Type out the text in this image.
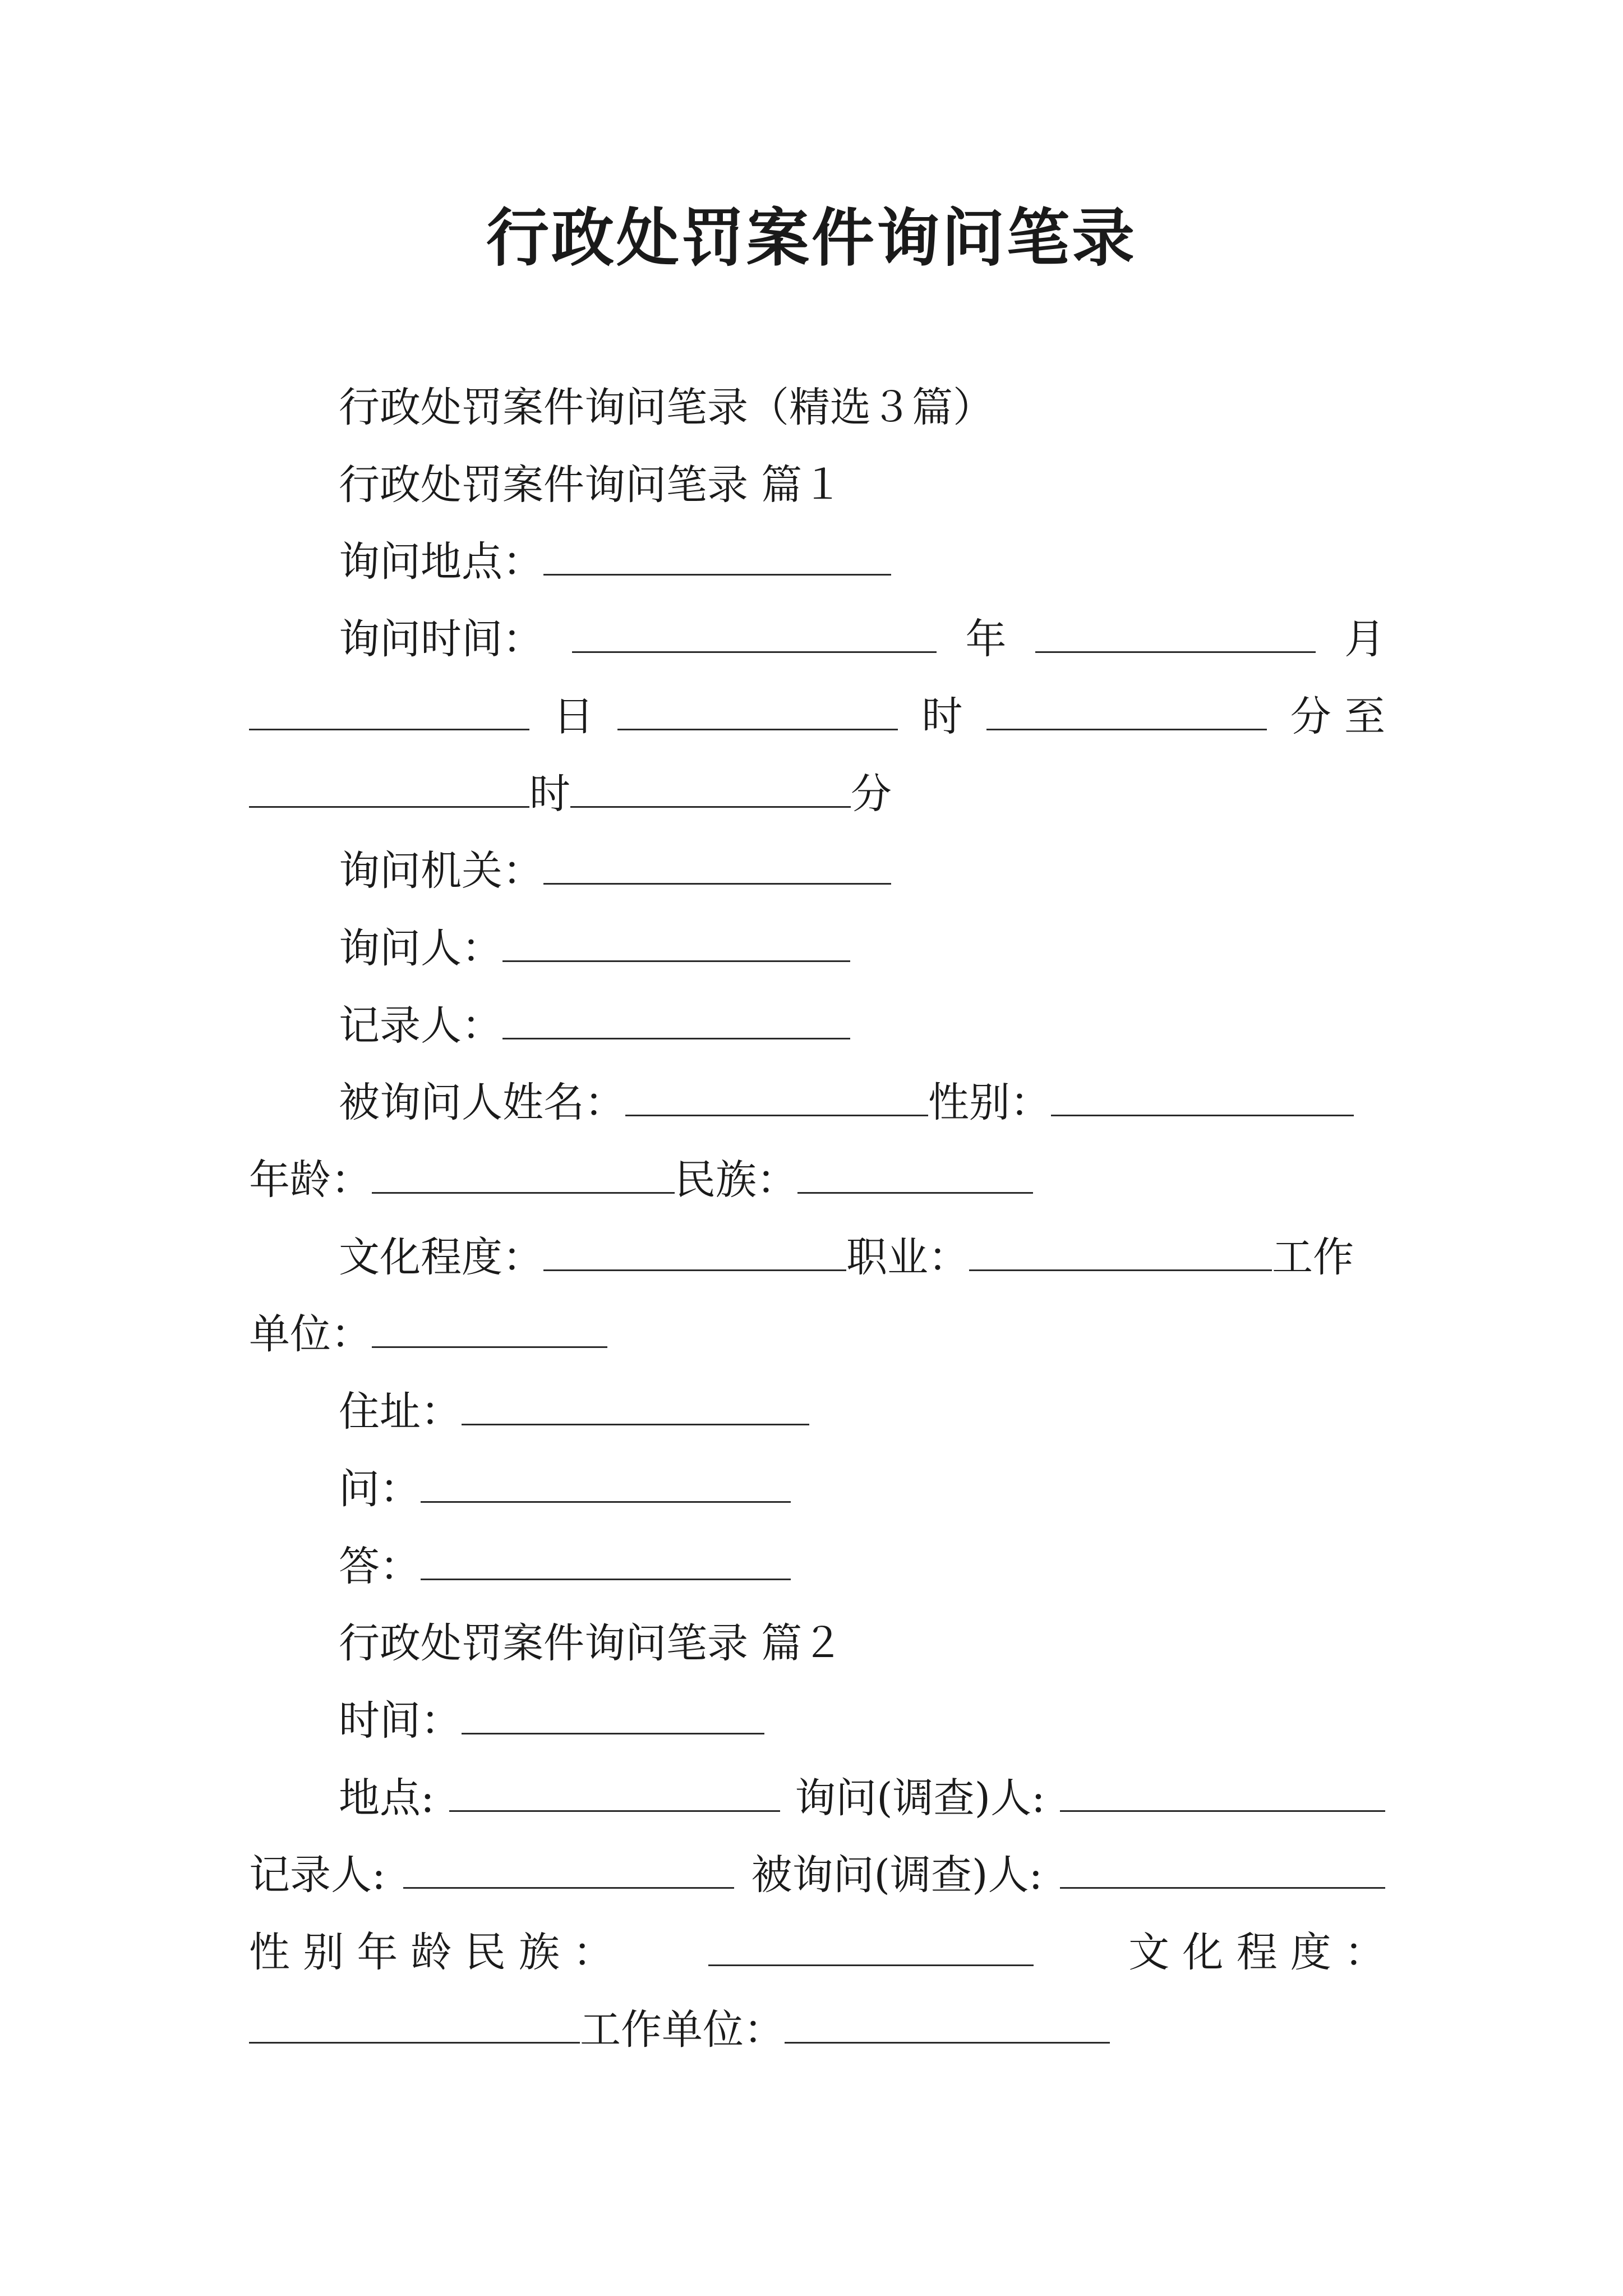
行政处罚案件询问笔录
行政处罚案件询问笔录（精选３篇）
行政处罚案件询问笔录 篇１
询问地点：
询问时间：	年	月
日	时	分 至
时	分
询问机关：
询问人：
记录人：
被询问人姓名：	性别：
年龄：	民族：
文化程度：	职业：	工作
单位：
住址：
问：
答：
行政处罚案件询问笔录 篇２
时间：
地点:	询问(调查)人:
记录人:	被询问(调查)人:
性 别 年 龄 民 族 ：	文 化 程 度 ：
工作单位：
